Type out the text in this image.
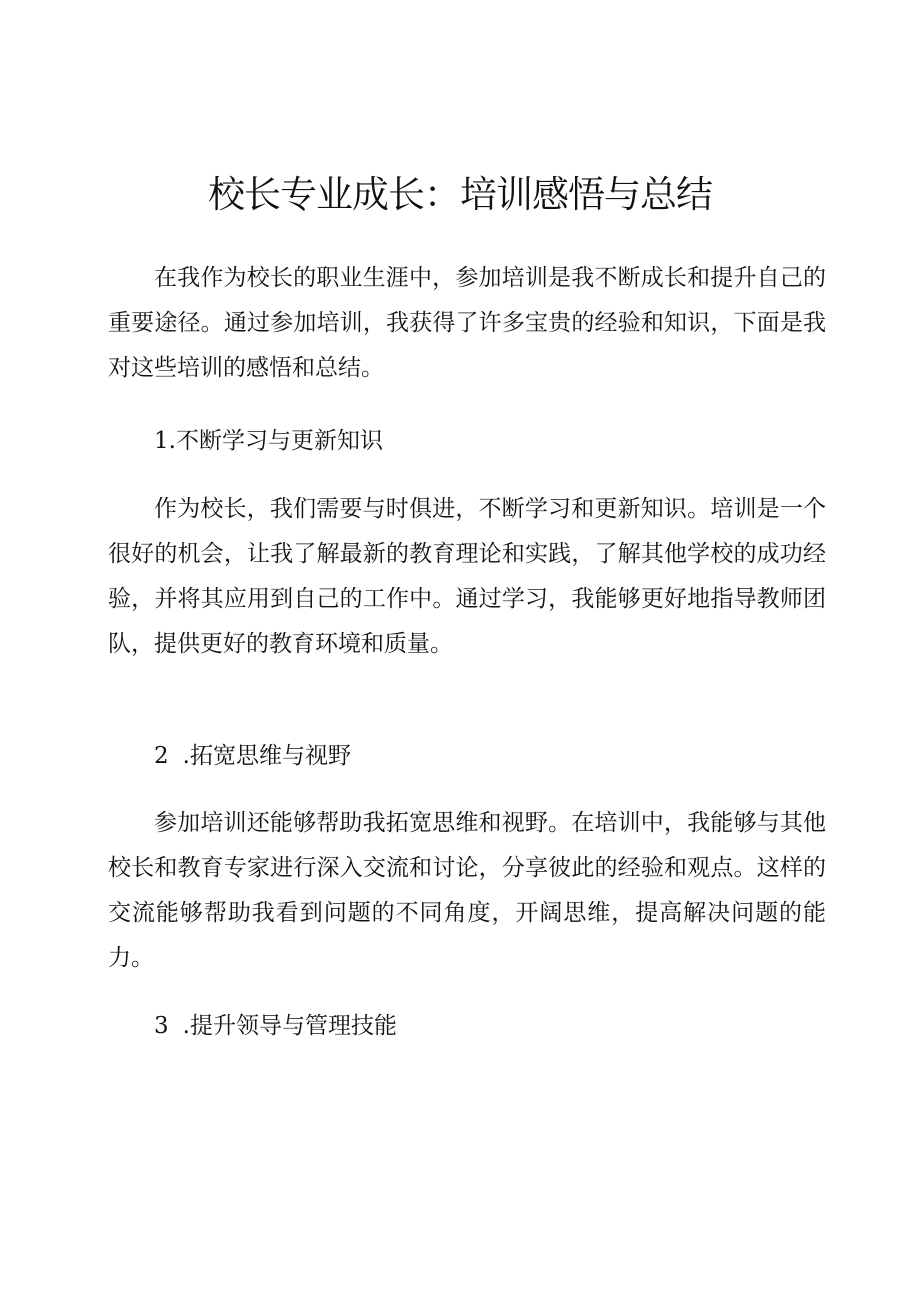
校长专业成长：培训感悟与总结

在我作为校长的职业生涯中，参加培训是我不断成长和提升自己的重要途径。通过参加培训，我获得了许多宝贵的经验和知识，下面是我对这些培训的感悟和总结。

1.不断学习与更新知识

作为校长，我们需要与时俱进，不断学习和更新知识。培训是一个很好的机会，让我了解最新的教育理论和实践，了解其他学校的成功经验，并将其应用到自己的工作中。通过学习，我能够更好地指导教师团队，提供更好的教育环境和质量。

2 .拓宽思维与视野

参加培训还能够帮助我拓宽思维和视野。在培训中，我能够与其他校长和教育专家进行深入交流和讨论，分享彼此的经验和观点。这样的交流能够帮助我看到问题的不同角度，开阔思维，提高解决问题的能力。

3 .提升领导与管理技能
